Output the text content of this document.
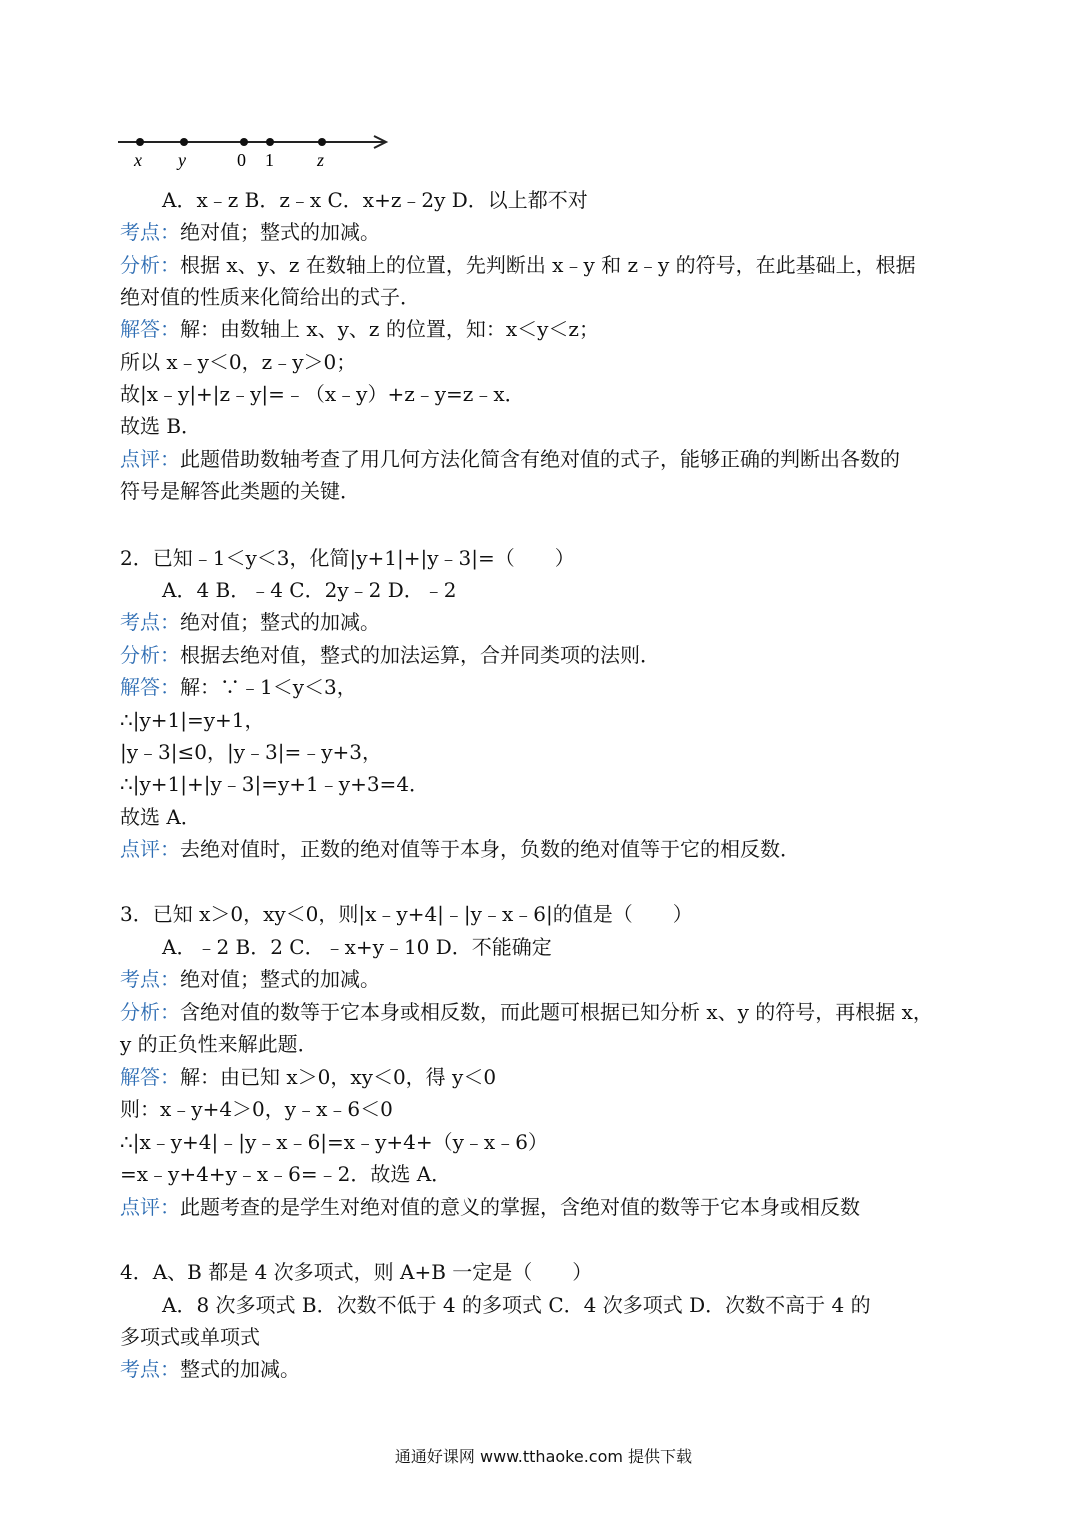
x y	0 1 z
A．x﹣z B．z﹣x C．x+z﹣2y D．以上都不对
考点：绝对值；整式的加减。
分析：根据 x、y、z 在数轴上的位置，先判断出 x﹣y 和 z﹣y 的符号，在此基础上，根据
绝对值的性质来化简给出的式子．
解答：解：由数轴上 x、y、z 的位置，知：x＜y＜z；
所以 x﹣y＜0，z﹣y＞0；
故|x﹣y|+|z﹣y|=﹣（x﹣y）+z﹣y=z﹣x．
故选 B．
点评：此题借助数轴考查了用几何方法化简含有绝对值的式子，能够正确的判断出各数的
符号是解答此类题的关键．
2．已知﹣1＜y＜3，化简|y+1|+|y﹣3|=（　　）
A．4 B．﹣4 C．2y﹣2 D．﹣2
考点：绝对值；整式的加减。
分析：根据去绝对值，整式的加法运算，合并同类项的法则．
解答：解：∵﹣1＜y＜3，
∴|y+1|=y+1，
|y﹣3|≤0，|y﹣3|=﹣y+3，
∴|y+1|+|y﹣3|=y+1﹣y+3=4．
故选 A．
点评：去绝对值时，正数的绝对值等于本身，负数的绝对值等于它的相反数．
3．已知 x＞0，xy＜0，则|x﹣y+4|﹣|y﹣x﹣6|的值是（　　）
A．﹣2 B．2 C．﹣x+y﹣10 D．不能确定
考点：绝对值；整式的加减。
分析：含绝对值的数等于它本身或相反数，而此题可根据已知分析 x、y 的符号，再根据 x，
y 的正负性来解此题．
解答：解：由已知 x＞0，xy＜0，得 y＜0
则：x﹣y+4＞0，y﹣x﹣6＜0
∴|x﹣y+4|﹣|y﹣x﹣6|=x﹣y+4+（y﹣x﹣6）
=x﹣y+4+y﹣x﹣6=﹣2．故选 A．
点评：此题考查的是学生对绝对值的意义的掌握，含绝对值的数等于它本身或相反数
4．A、B 都是 4 次多项式，则 A+B 一定是（　　）
A．8 次多项式 B．次数不低于 4 的多项式 C．4 次多项式 D．次数不高于 4 的
多项式或单项式
考点：整式的加减。
通通好课网 www.tthaoke.com 提供下载
